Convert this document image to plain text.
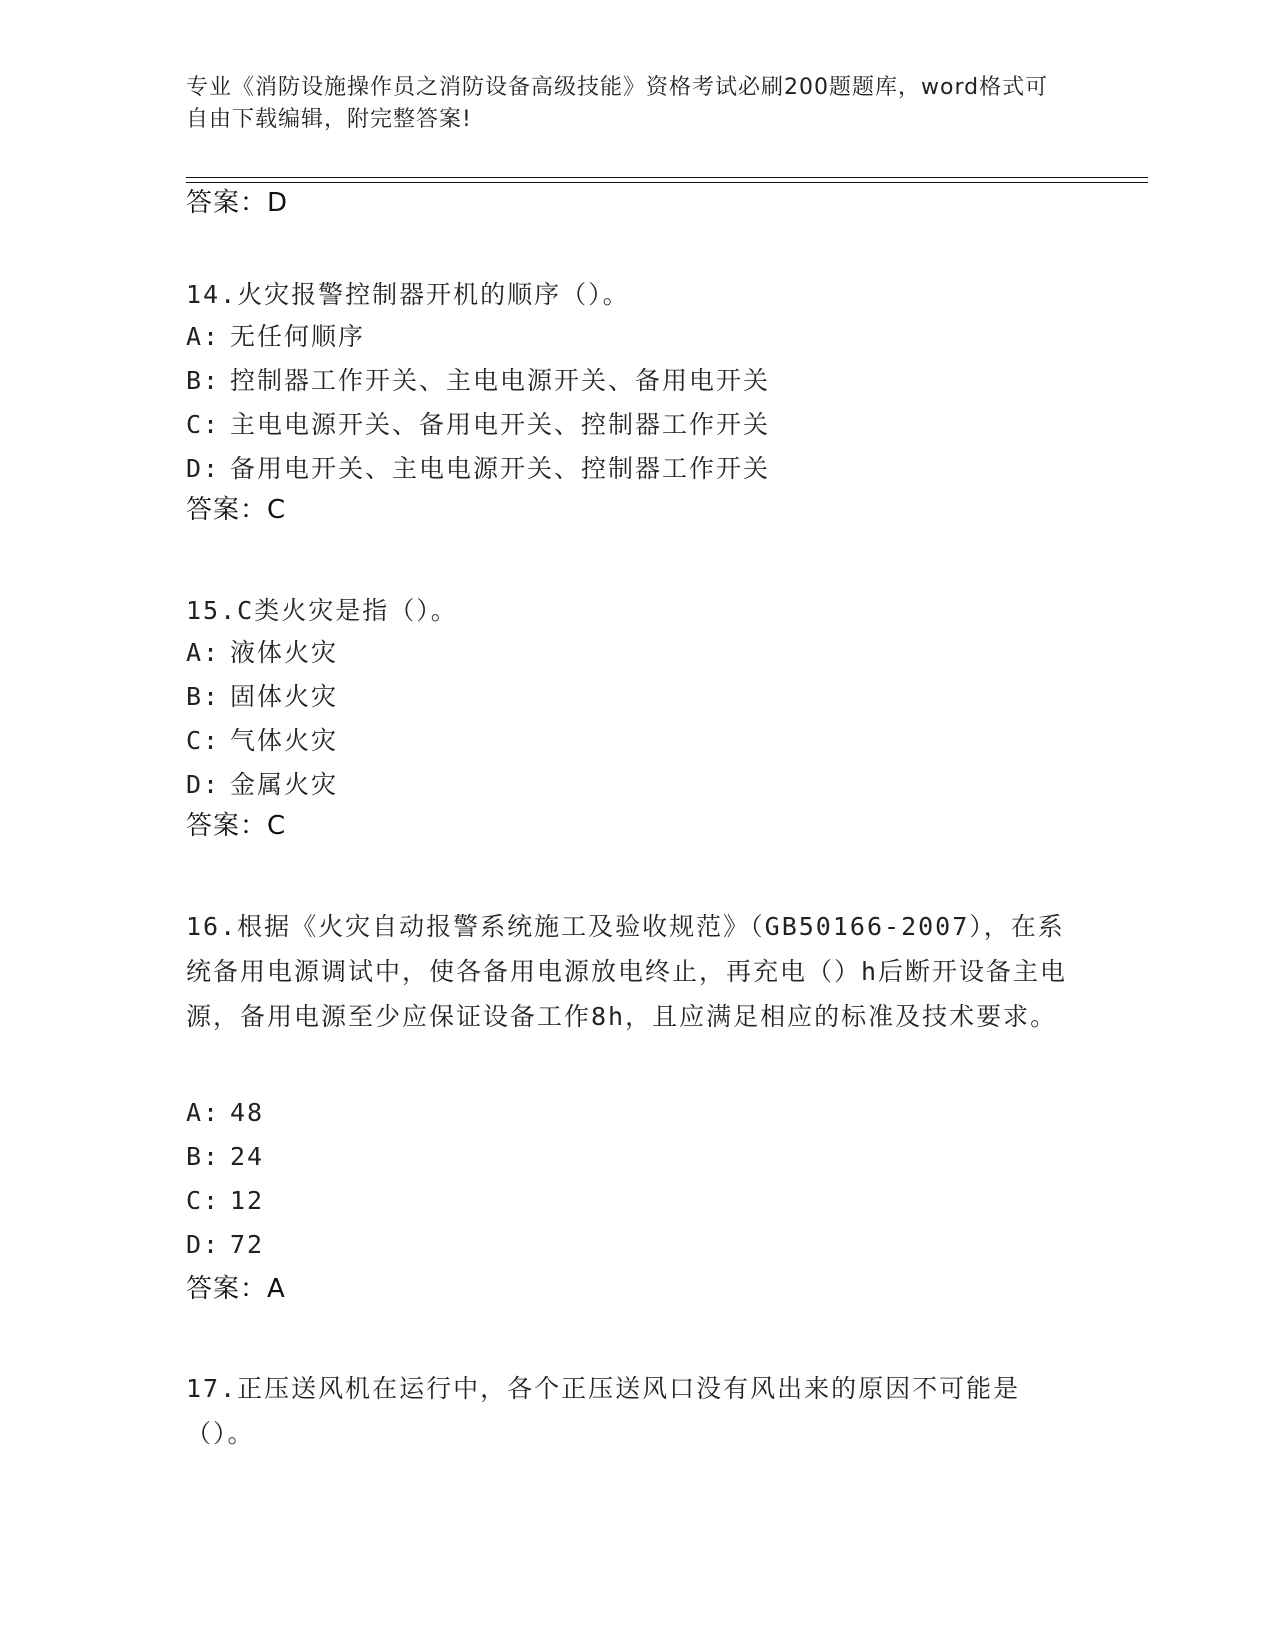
专业《消防设施操作员之消防设备高级技能》资格考试必刷200题题库，word格式可自由下载编辑，附完整答案!
答案：D
14.火灾报警控制器开机的顺序（）。
A: 无任何顺序
B: 控制器工作开关、主电电源开关、备用电开关
C: 主电电源开关、备用电开关、控制器工作开关
D: 备用电开关、主电电源开关、控制器工作开关
答案：C
15.C类火灾是指（）。
A: 液体火灾
B: 固体火灾
C: 气体火灾
D: 金属火灾
答案：C
16.根据《火灾自动报警系统施工及验收规范》（GB50166-2007），在系统备用电源调试中，使各备用电源放电终止，再充电（）h后断开设备主电源，备用电源至少应保证设备工作8h，且应满足相应的标准及技术要求。
A: 48
B: 24
C: 12
D: 72
答案：A
17.正压送风机在运行中，各个正压送风口没有风出来的原因不可能是（）。
